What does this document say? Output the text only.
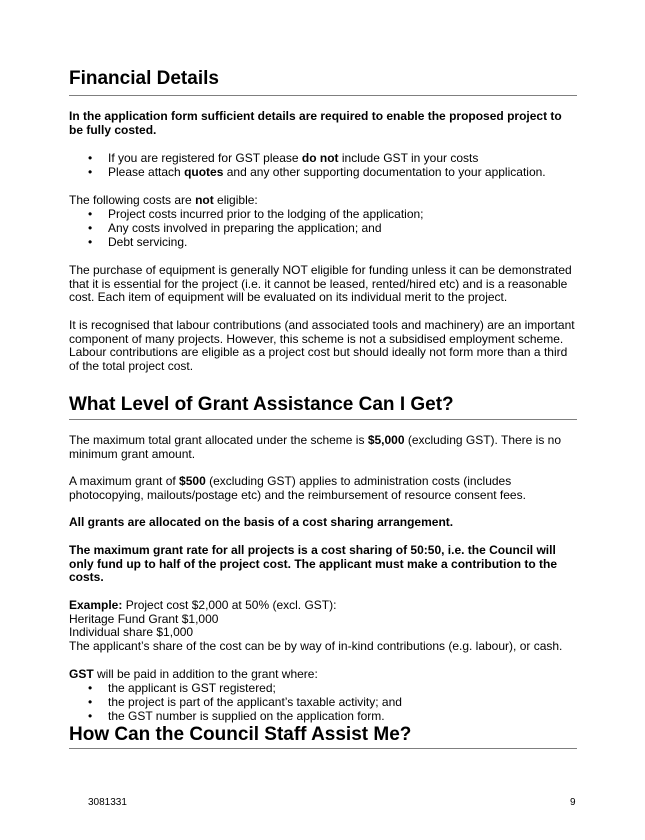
Financial Details

In the application form sufficient details are required to enable the proposed project to be fully costed.

• If you are registered for GST please do not include GST in your costs
• Please attach quotes and any other supporting documentation to your application.

The following costs are not eligible:

• Project costs incurred prior to the lodging of the application;
• Any costs involved in preparing the application; and
• Debt servicing.

The purchase of equipment is generally NOT eligible for funding unless it can be demonstrated
that it is essential for the project (i.e. it cannot be leased, rented/hired etc) and is a reasonable
cost. Each item of equipment will be evaluated on its individual merit to the project.

It is recognised that labour contributions (and associated tools and machinery) are an important
component of many projects. However, this scheme is not a subsidised employment scheme.
Labour contributions are eligible as a project cost but should ideally not form more than a third
of the total project cost.

What Level of Grant Assistance Can I Get?

The maximum total grant allocated under the scheme is $5,000 (excluding GST). There is no
minimum grant amount.

A maximum grant of $500 (excluding GST) applies to administration costs (includes
photocopying, mailouts/postage etc) and the reimbursement of resource consent fees.

All grants are allocated on the basis of a cost sharing arrangement.

The maximum grant rate for all projects is a cost sharing of 50:50, i.e. the Council will
only fund up to half of the project cost. The applicant must make a contribution to the
costs.

Example: Project cost $2,000 at 50% (excl. GST):
Heritage Fund Grant $1,000
Individual share $1,000
The applicant’s share of the cost can be by way of in-kind contributions (e.g. labour), or cash.

GST will be paid in addition to the grant where:

• the applicant is GST registered;
• the project is part of the applicant’s taxable activity; and
• the GST number is supplied on the application form.
How Can the Council Staff Assist Me?
3081331	9
